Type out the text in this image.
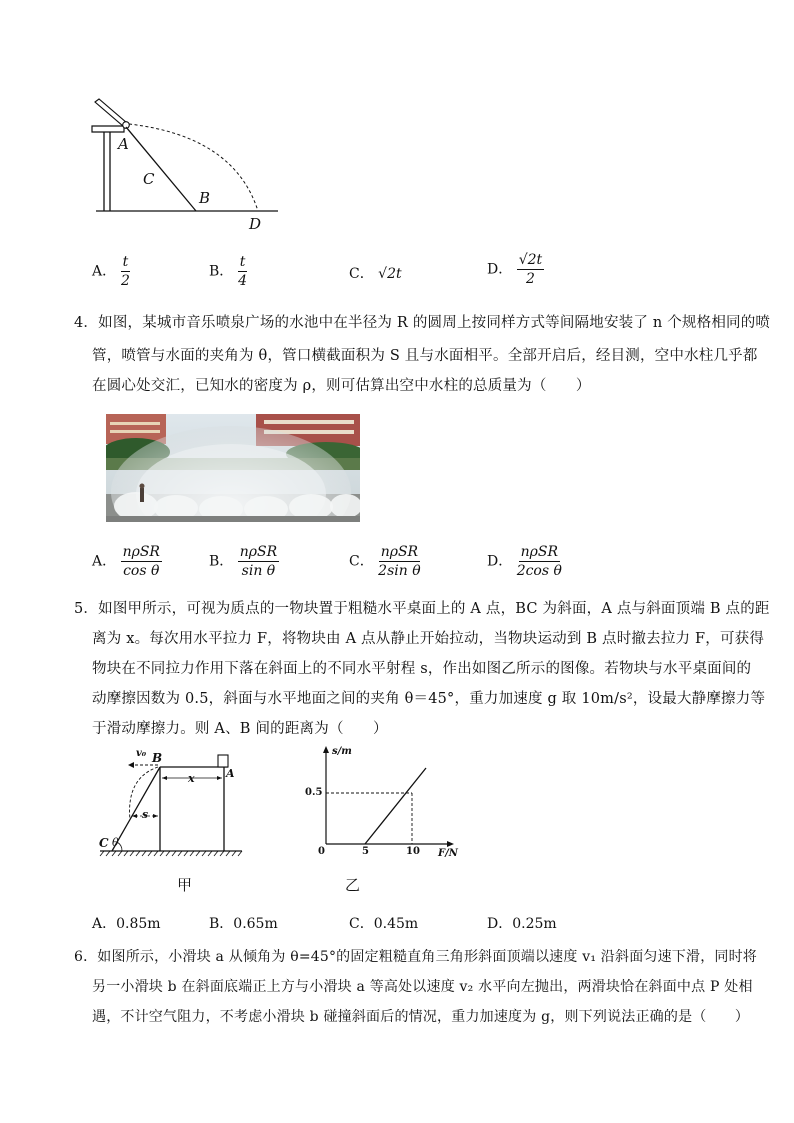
A
C
B
D
A． $\frac{t}{2}$	B． $\frac{t}{4}$	C． √2t	D． $\frac{√2t}{2}$
4．如图，某城市音乐喷泉广场的水池中在半径为 R 的圆周上按同样方式等间隔地安装了 n 个规格相同的喷
管，喷管与水面的夹角为 θ，管口横截面积为 S 且与水面相平。全部开启后，经目测，空中水柱几乎都
在圆心处交汇，已知水的密度为 ρ，则可估算出空中水柱的总质量为（　　）
A． $\frac{\text{nρSR}}{\text{cos θ}}$	B． $\frac{\text{nρSR}}{\text{sin θ}}$	C． $\frac{\text{nρSR}}{\text{2sin θ}}$	D． $\frac{\text{nρSR}}{\text{2cos θ}}$
5．如图甲所示，可视为质点的一物块置于粗糙水平桌面上的 A 点，BC 为斜面，A 点与斜面顶端 B 点的距
离为 x。每次用水平拉力 F，将物块由 A 点从静止开始拉动，当物块运动到 B 点时撤去拉力 F，可获得
物块在不同拉力作用下落在斜面上的不同水平射程 s，作出如图乙所示的图像。若物块与水平桌面间的
动摩擦因数为 0.5，斜面与水平地面之间的夹角 θ＝45°，重力加速度 g 取 10m/s²，设最大静摩擦力等
于滑动摩擦力。则 A、B 间的距离为（　　）
v₀ B
A
x
s
C θ
甲
s/m
0.5
0	5	10 F/N
乙
A．0.85m	B．0.65m	C．0.45m	D．0.25m
6．如图所示，小滑块 a 从倾角为 θ=45°的固定粗糙直角三角形斜面顶端以速度 v₁ 沿斜面匀速下滑，同时将
另一小滑块 b 在斜面底端正上方与小滑块 a 等高处以速度 v₂ 水平向左抛出，两滑块恰在斜面中点 P 处相
遇，不计空气阻力，不考虑小滑块 b 碰撞斜面后的情况，重力加速度为 g，则下列说法正确的是（　　）
